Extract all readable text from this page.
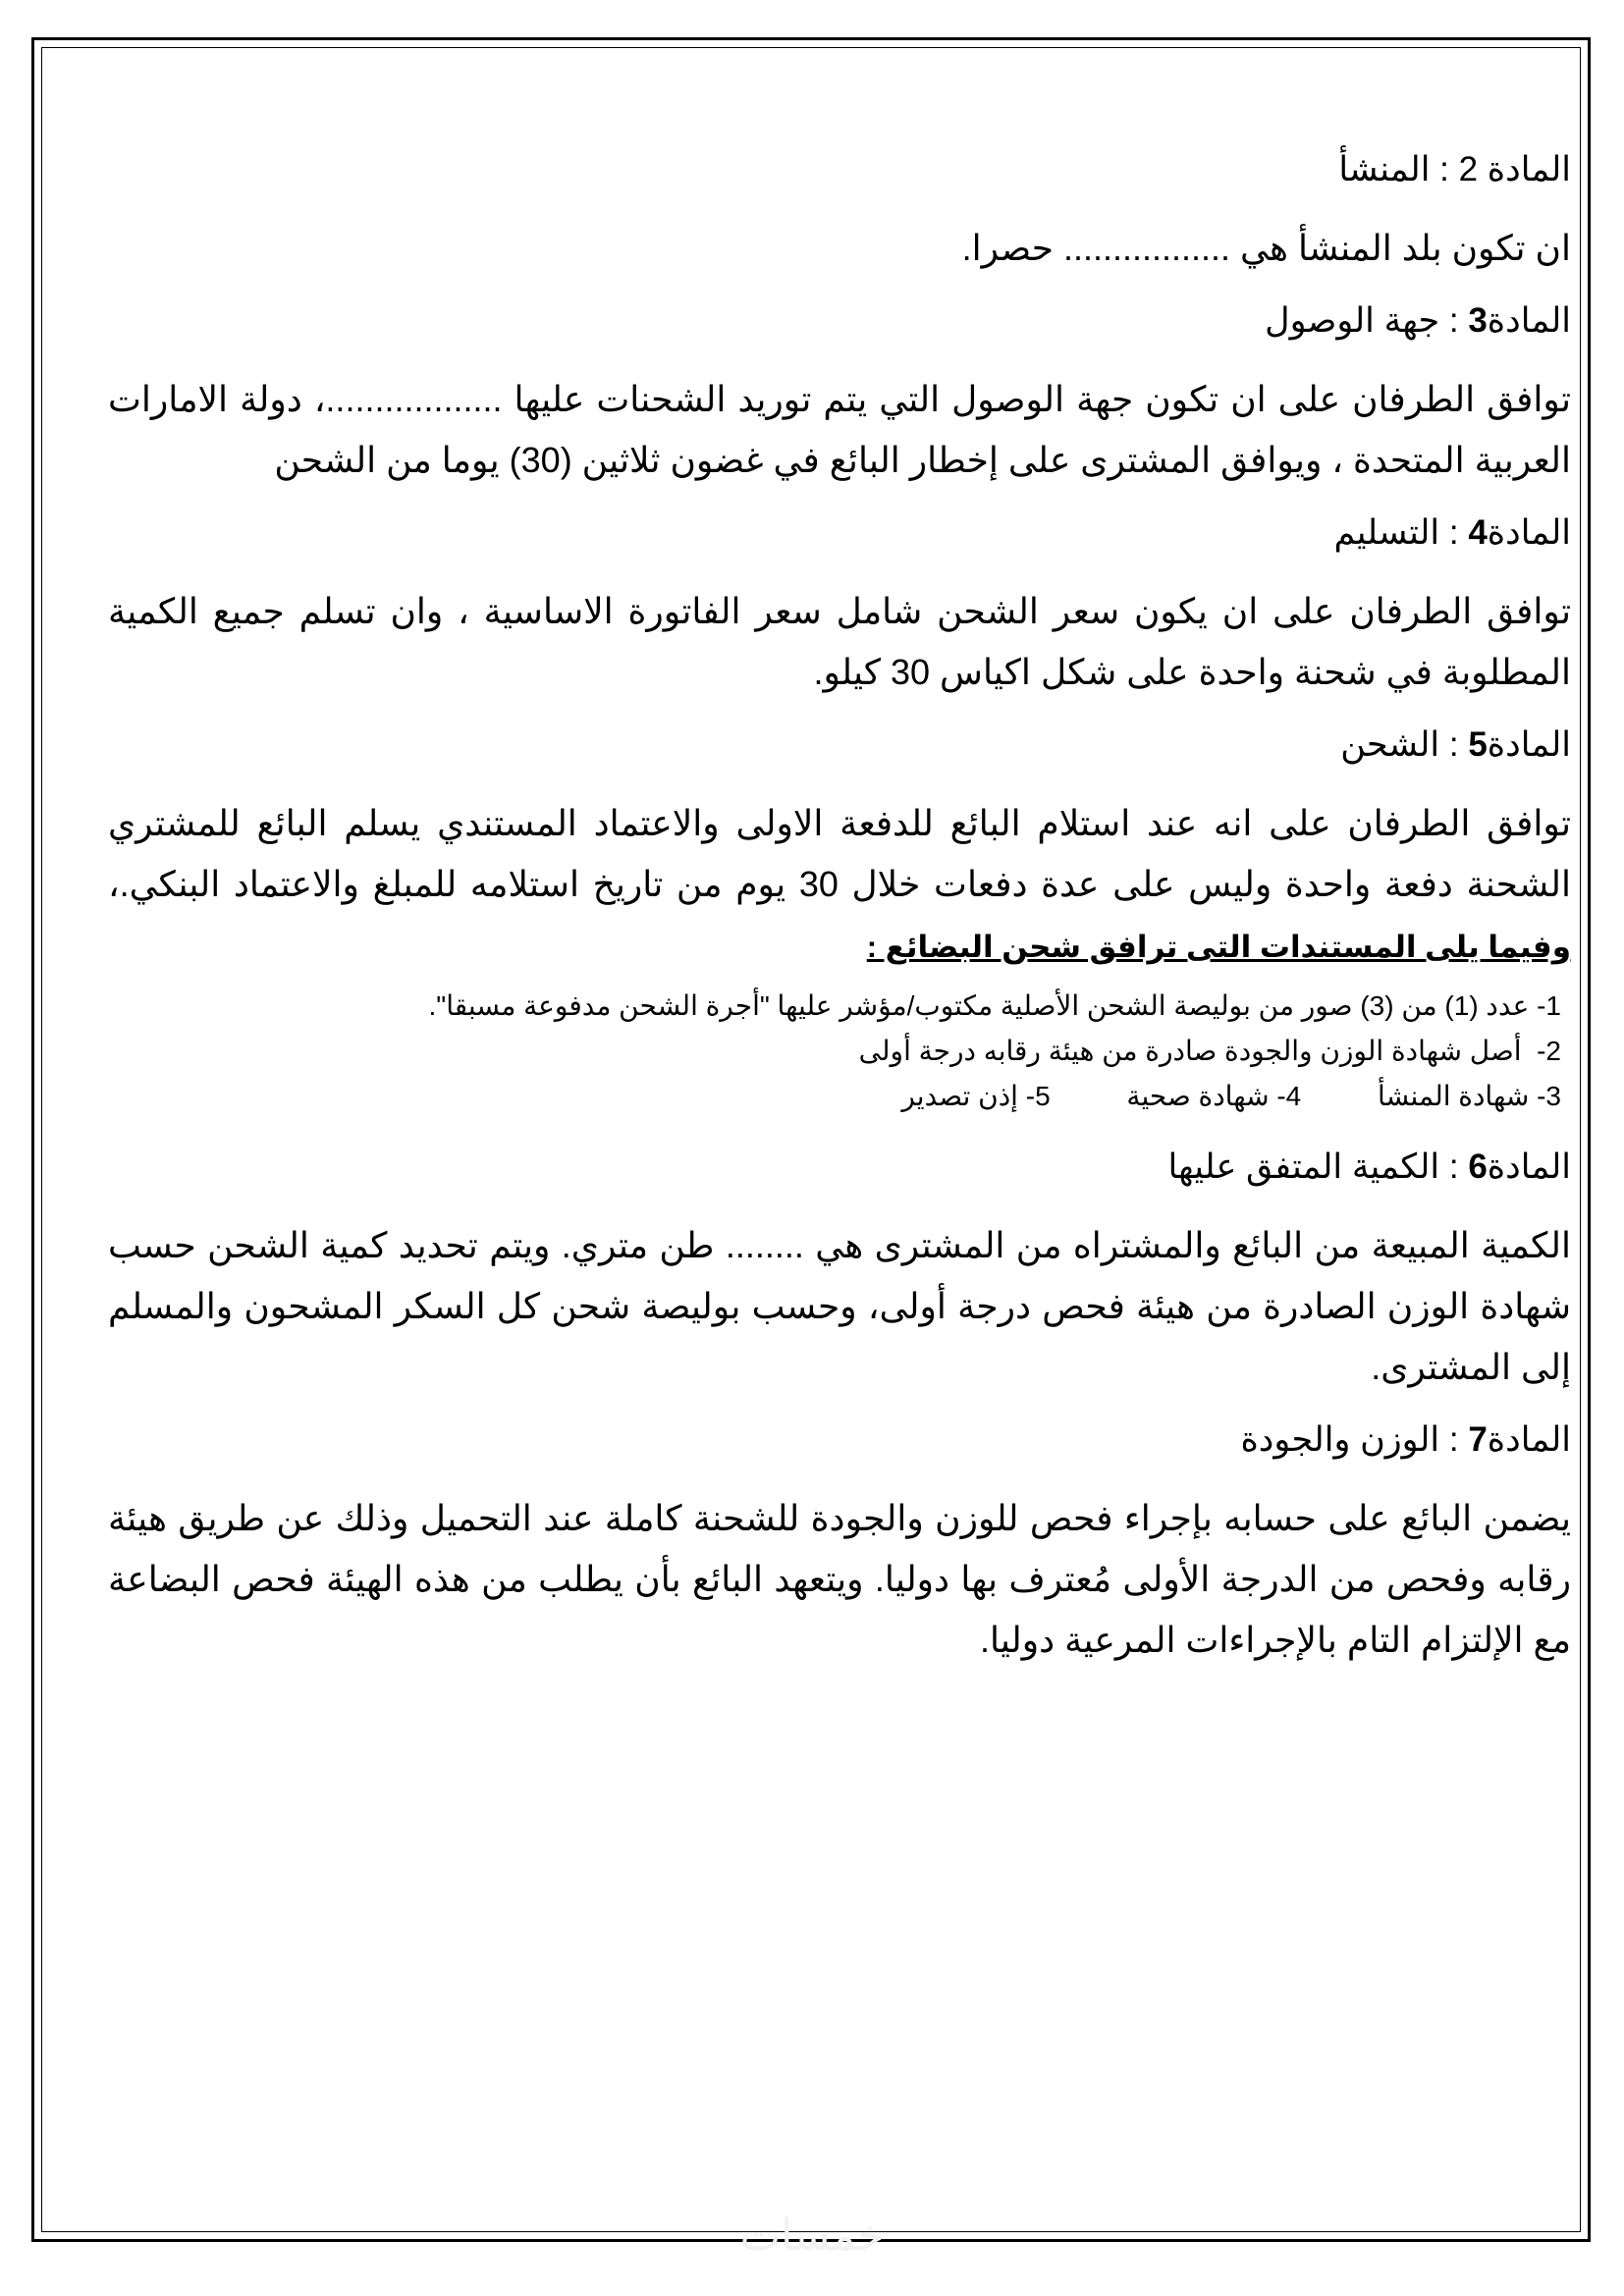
المادة 2 : المنشأ

ان تكون بلد المنشأ هي ................. حصرا.

المادة3 : جهة الوصول

توافق الطرفان على ان تكون جهة الوصول التي يتم توريد الشحنات عليها ..................، دولة الامارات العربية المتحدة ، ويوافق المشترى على إخطار البائع في غضون ثلاثين (30) يوما من الشحن

المادة4 : التسليم

توافق الطرفان على ان يكون سعر الشحن شامل سعر الفاتورة الاساسية ، وان تسلم جميع الكمية المطلوبة في شحنة واحدة على شكل اكياس 30 كيلو.

المادة5 : الشحن

توافق الطرفان على انه عند استلام البائع للدفعة الاولى والاعتماد المستندي يسلم البائع للمشتري الشحنة دفعة واحدة وليس على عدة دفعات خلال 30 يوم من تاريخ استلامه للمبلغ والاعتماد البنكي.، وفيما يلى المستندات التى ترافق شحن البضائع :

1- عدد (1) من (3) صور من بوليصة الشحن الأصلية مكتوب/مؤشر عليها "أجرة الشحن مدفوعة مسبقا".
2-  أصل شهادة الوزن والجودة صادرة من هيئة رقابه درجة أولى
3- شهادة المنشأ          4- شهادة صحية          5- إذن تصدير

المادة6 : الكمية المتفق عليها

الكمية المبيعة من البائع والمشتراه من المشترى هي ........ طن متري. ويتم تحديد كمية الشحن حسب شهادة الوزن الصادرة من هيئة فحص درجة أولى، وحسب بوليصة شحن كل السكر المشحون والمسلم إلى المشترى.

المادة7 : الوزن والجودة

يضمن البائع على حسابه بإجراء فحص للوزن والجودة للشحنة كاملة عند التحميل وذلك عن طريق هيئة رقابه وفحص من الدرجة الأولى مُعترف بها دوليا. ويتعهد البائع بأن يطلب من هذه الهيئة فحص البضاعة مع الإلتزام التام بالإجراءات المرعية دوليا.

خمسات
